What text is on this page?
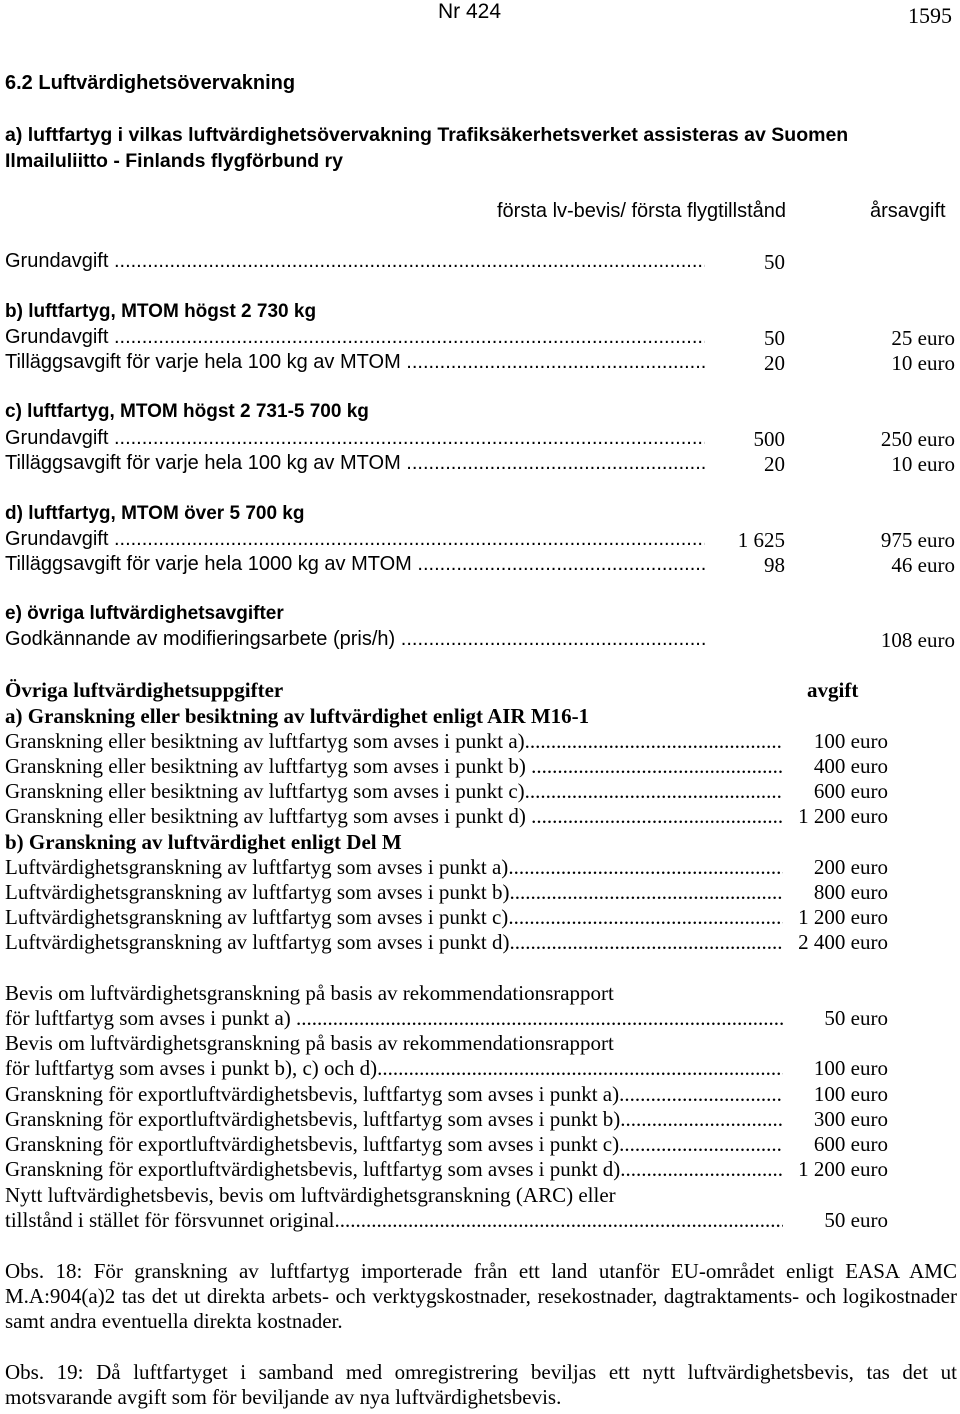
Nr 424	1595
6.2 Luftvärdighetsövervakning
a) luftfartyg i vilkas luftvärdighetsövervakning Trafiksäkerhetsverket assisteras av Suomen Ilmailuliitto - Finlands flygförbund ry
första lv-bevis/ första flygtillstånd	årsavgift
Grundavgift .....	50
b) luftfartyg, MTOM högst 2 730 kg
Grundavgift .....	50	25 euro
Tilläggsavgift för varje hela 100 kg av MTOM .....	20	10 euro
c) luftfartyg, MTOM högst 2 731-5 700 kg
Grundavgift .....	500	250 euro
Tilläggsavgift för varje hela 100 kg av MTOM .....	20	10 euro
d) luftfartyg, MTOM över 5 700 kg
Grundavgift .....	1 625	975 euro
Tilläggsavgift för varje hela 1000 kg av MTOM .....	98	46 euro
e) övriga luftvärdighetsavgifter
Godkännande av modifieringsarbete (pris/h) .....	108 euro
Övriga luftvärdighetsuppgifter	avgift
a) Granskning eller besiktning av luftvärdighet enligt AIR M16-1
Granskning eller besiktning av luftfartyg som avses i punkt a) .....	100 euro
Granskning eller besiktning av luftfartyg som avses i punkt b) .....	400 euro
Granskning eller besiktning av luftfartyg som avses i punkt c) .....	600 euro
Granskning eller besiktning av luftfartyg som avses i punkt d) .....	1 200 euro
b) Granskning av luftvärdighet enligt Del M
Luftvärdighetsgranskning av luftfartyg som avses i punkt a) .....	200 euro
Luftvärdighetsgranskning av luftfartyg som avses i punkt b) .....	800 euro
Luftvärdighetsgranskning av luftfartyg som avses i punkt c) .....	1 200 euro
Luftvärdighetsgranskning av luftfartyg som avses i punkt d) .....	2 400 euro
Bevis om luftvärdighetsgranskning på basis av rekommendationsrapport
för luftfartyg som avses i punkt a) .....	50 euro
Bevis om luftvärdighetsgranskning på basis av rekommendationsrapport
för luftfartyg som avses i punkt b), c) och d) .....	100 euro
Granskning för exportluftvärdighetsbevis, luftfartyg som avses i punkt a) .....	100 euro
Granskning för exportluftvärdighetsbevis, luftfartyg som avses i punkt b) .....	300 euro
Granskning för exportluftvärdighetsbevis, luftfartyg som avses i punkt c) .....	600 euro
Granskning för exportluftvärdighetsbevis, luftfartyg som avses i punkt d) .....	1 200 euro
Nytt luftvärdighetsbevis, bevis om luftvärdighetsgranskning (ARC) eller
tillstånd i stället för försvunnet original .....	50 euro
Obs. 18: För granskning av luftfartyg importerade från ett land utanför EU-området enligt EASA AMC M.A:904(a)2 tas det ut direkta arbets- och verktygskostnader, resekostnader, dagtraktaments- och logikostnader samt andra eventuella direkta kostnader.
Obs. 19: Då luftfartyget i samband med omregistrering beviljas ett nytt luftvärdighetsbevis, tas det ut motsvarande avgift som för beviljande av nya luftvärdighetsbevis.
